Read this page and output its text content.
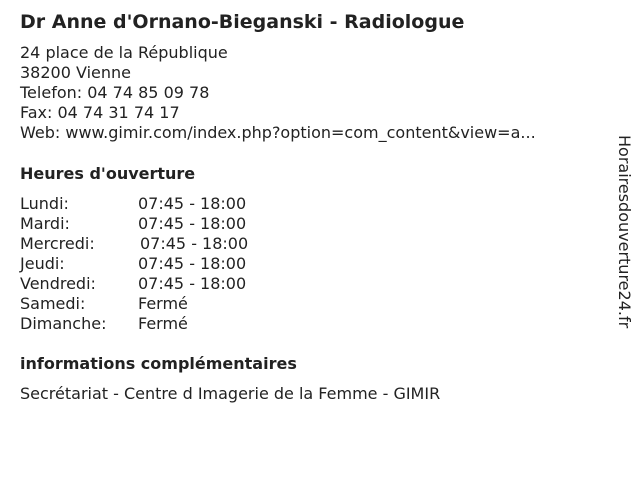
Dr Anne d'Ornano-Bieganski - Radiologue
24 place de la République
38200 Vienne
Telefon: 04 74 85 09 78
Fax: 04 74 31 74 17
Web: www.gimir.com/index.php?option=com_content&view=a...
Heures d'ouverture
Lundi:	07:45 - 18:00
Mardi:	07:45 - 18:00
Mercredi:	07:45 - 18:00
Jeudi:	07:45 - 18:00
Vendredi:	07:45 - 18:00
Samedi:	Fermé
Dimanche: Fermé
informations complémentaires
Secrétariat - Centre d Imagerie de la Femme - GIMIR
Horairesdouverture24.fr
